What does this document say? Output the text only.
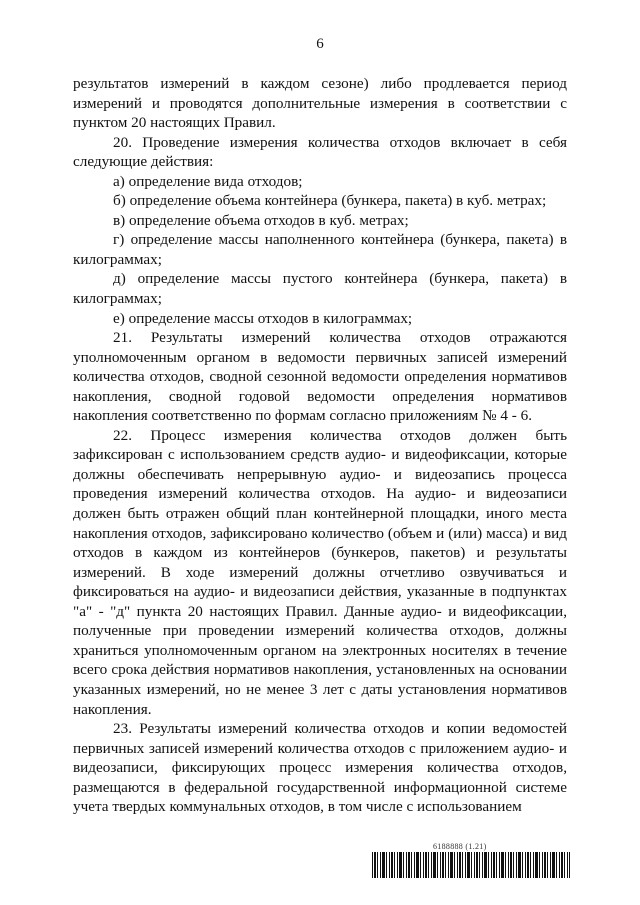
6

результатов измерений в каждом сезоне) либо продлевается период измерений и проводятся дополнительные измерения в соответствии с пунктом 20 настоящих Правил.

20. Проведение измерения количества отходов включает в себя следующие действия:

а) определение вида отходов;

б) определение объема контейнера (бункера, пакета) в куб. метрах;

в) определение объема отходов в куб. метрах;

г) определение массы наполненного контейнера (бункера, пакета) в килограммах;

д) определение массы пустого контейнера (бункера, пакета) в килограммах;

е) определение массы отходов в килограммах;

21. Результаты измерений количества отходов отражаются уполномоченным органом в ведомости первичных записей измерений количества отходов, сводной сезонной ведомости определения нормативов накопления, сводной годовой ведомости определения нормативов накопления соответственно по формам согласно приложениям № 4 - 6.

22. Процесс измерения количества отходов должен быть зафиксирован с использованием средств аудио- и видеофиксации, которые должны обеспечивать непрерывную аудио- и видеозапись процесса проведения измерений количества отходов. На аудио- и видеозаписи должен быть отражен общий план контейнерной площадки, иного места накопления отходов, зафиксировано количество (объем и (или) масса) и вид отходов в каждом из контейнеров (бункеров, пакетов) и результаты измерений. В ходе измерений должны отчетливо озвучиваться и фиксироваться на аудио- и видеозаписи действия, указанные в подпунктах "а" - "д" пункта 20 настоящих Правил. Данные аудио- и видеофиксации, полученные при проведении измерений количества отходов, должны храниться уполномоченным органом на электронных носителях в течение всего срока действия нормативов накопления, установленных на основании указанных измерений, но не менее 3 лет с даты установления нормативов накопления.

23. Результаты измерений количества отходов и копии ведомостей первичных записей измерений количества отходов с приложением аудио- и видеозаписи, фиксирующих процесс измерения количества отходов, размещаются в федеральной государственной информационной системе учета твердых коммунальных отходов, в том числе с использованием

6188888 (1.21)
